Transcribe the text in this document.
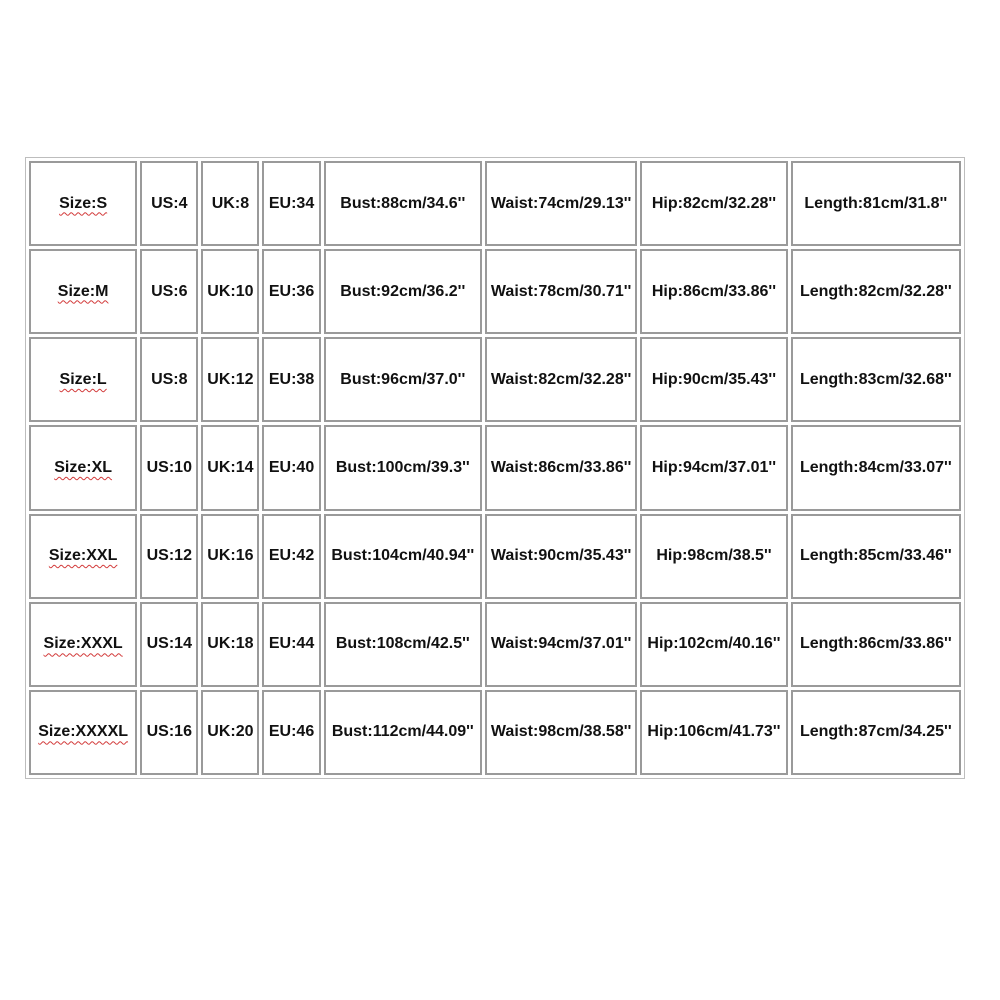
Size:S	US:4	UK:8	EU:34	Bust:88cm/34.6''	Waist:74cm/29.13''	Hip:82cm/32.28''	Length:81cm/31.8''
Size:M	US:6	UK:10	EU:36	Bust:92cm/36.2''	Waist:78cm/30.71''	Hip:86cm/33.86''	Length:82cm/32.28''
Size:L	US:8	UK:12	EU:38	Bust:96cm/37.0''	Waist:82cm/32.28''	Hip:90cm/35.43''	Length:83cm/32.68''
Size:XL	US:10	UK:14	EU:40	Bust:100cm/39.3''	Waist:86cm/33.86''	Hip:94cm/37.01''	Length:84cm/33.07''
Size:XXL	US:12	UK:16	EU:42	Bust:104cm/40.94''	Waist:90cm/35.43''	Hip:98cm/38.5''	Length:85cm/33.46''
Size:XXXL	US:14	UK:18	EU:44	Bust:108cm/42.5''	Waist:94cm/37.01''	Hip:102cm/40.16''	Length:86cm/33.86''
Size:XXXXL	US:16	UK:20	EU:46	Bust:112cm/44.09''	Waist:98cm/38.58''	Hip:106cm/41.73''	Length:87cm/34.25''
